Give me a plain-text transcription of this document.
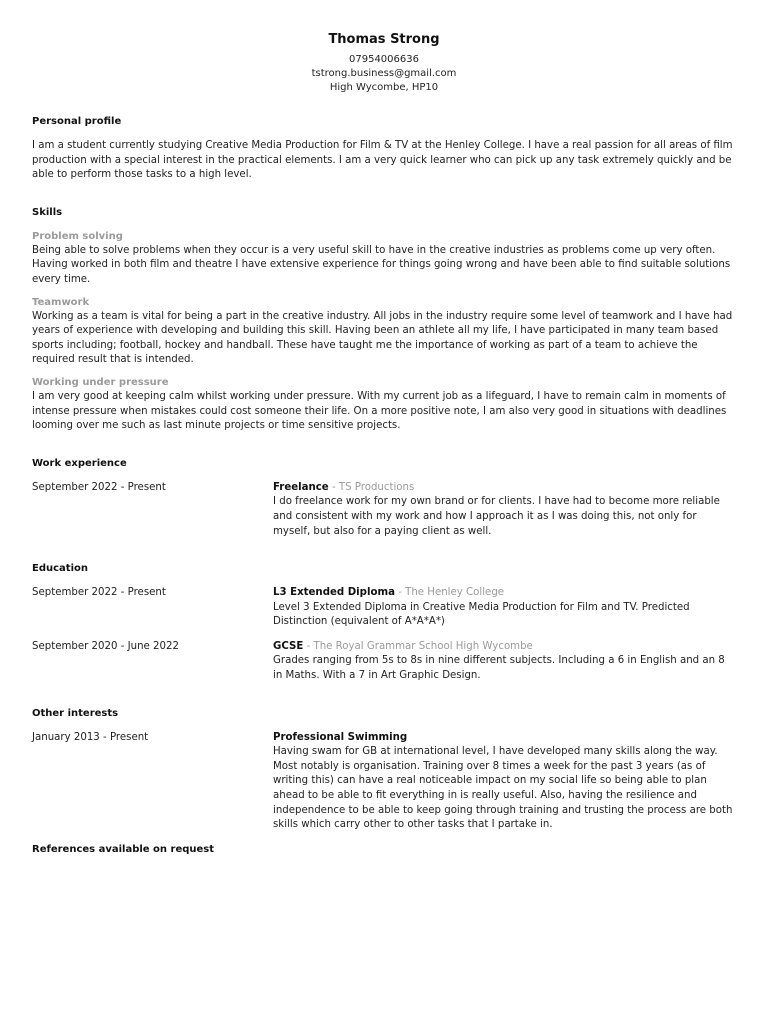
Thomas Strong
07954006636
tstrong.business@gmail.com
High Wycombe, HP10
Personal profile

I am a student currently studying Creative Media Production for Film & TV at the Henley College. I have a real passion for all areas of film production with a special interest in the practical elements. I am a very quick learner who can pick up any task extremely quickly and be able to perform those tasks to a high level.

Skills
Problem solving

Being able to solve problems when they occur is a very useful skill to have in the creative industries as problems come up very often. Having worked in both film and theatre I have extensive experience for things going wrong and have been able to find suitable solutions every time.

Teamwork

Working as a team is vital for being a part in the creative industry. All jobs in the industry require some level of teamwork and I have had years of experience with developing and building this skill. Having been an athlete all my life, I have participated in many team based sports including; football, hockey and handball. These have taught me the importance of working as part of a team to achieve the required result that is intended.

Working under pressure

I am very good at keeping calm whilst working under pressure. With my current job as a lifeguard, I have to remain calm in moments of intense pressure when mistakes could cost someone their life. On a more positive note, I am also very good in situations with deadlines looming over me such as last minute projects or time sensitive projects.

Work experience
September 2022 - Present	Freelance - TS Productions
I do freelance work for my own brand or for clients. I have had to become more reliable and consistent with my work and how I approach it as I was doing this, not only for myself, but also for a paying client as well.
Education
September 2022 - Present	L3 Extended Diploma - The Henley College
Level 3 Extended Diploma in Creative Media Production for Film and TV. Predicted Distinction (equivalent of A*A*A*)
September 2020 - June 2022	GCSE - The Royal Grammar School High Wycombe
Grades ranging from 5s to 8s in nine different subjects. Including a 6 in English and an 8 in Maths. With a 7 in Art Graphic Design.
Other interests
January 2013 - Present	Professional Swimming
Having swam for GB at international level, I have developed many skills along the way. Most notably is organisation. Training over 8 times a week for the past 3 years (as of writing this) can have a real noticeable impact on my social life so being able to plan ahead to be able to fit everything in is really useful. Also, having the resilience and independence to be able to keep going through training and trusting the process are both skills which carry other to other tasks that I partake in.
References available on request
